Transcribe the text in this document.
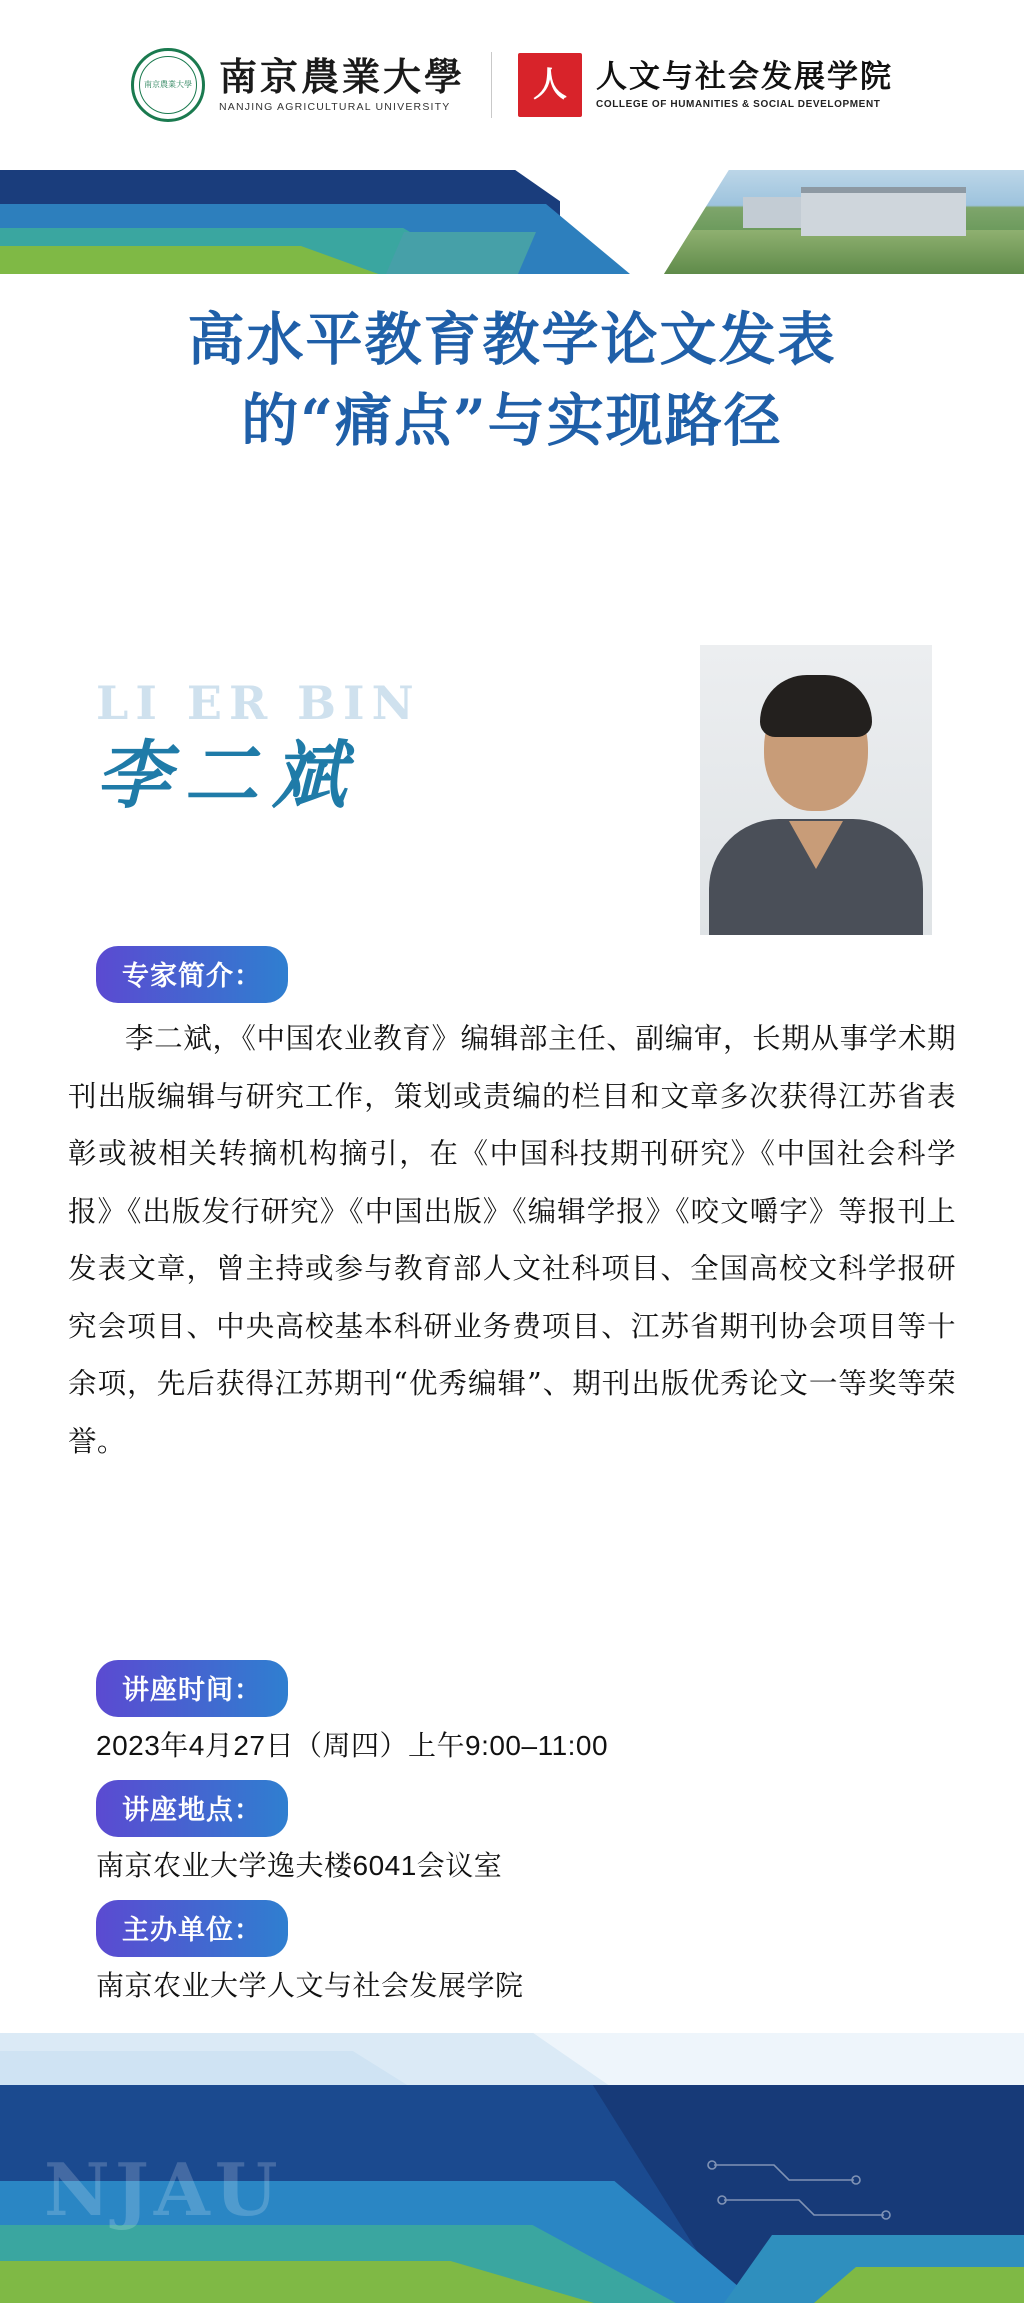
南京農業大學 南京農業大學
NANJING AGRICULTURAL UNIVERSITY
人 人文与社会发展学院
COLLEGE OF HUMANITIES & SOCIAL DEVELOPMENT
高水平教育教学论文发表
的“痛点”与实现路径
LI ER BIN
李二斌
专家简介：
李二斌，《中国农业教育》编辑部主任、副编审，长期从事学术期刊出版编辑与研究工作，策划或责编的栏目和文章多次获得江苏省表彰或被相关转摘机构摘引，在《中国科技期刊研究》《中国社会科学报》《出版发行研究》《中国出版》《编辑学报》《咬文嚼字》等报刊上发表文章，曾主持或参与教育部人文社科项目、全国高校文科学报研究会项目、中央高校基本科研业务费项目、江苏省期刊协会项目等十余项，先后获得江苏期刊“优秀编辑”、期刊出版优秀论文一等奖等荣誉。
讲座时间：
2023年4月27日（周四）上午9:00–11:00
讲座地点：
南京农业大学逸夫楼6041会议室
主办单位：
南京农业大学人文与社会发展学院
NJAU
